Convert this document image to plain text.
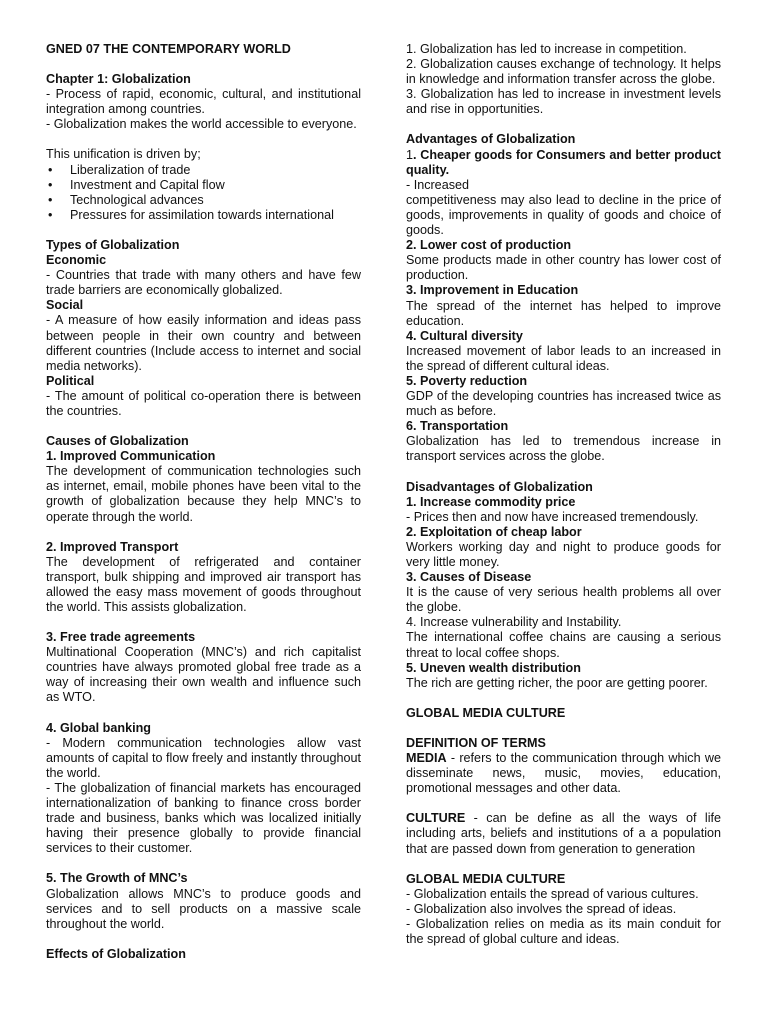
GNED 07 THE CONTEMPORARY WORLD

Chapter 1: Globalization

- Process of rapid, economic, cultural, and institutional integration among countries.

- Globalization makes the world accessible to everyone.

This unification is driven by;

• Liberalization of trade
• Investment and Capital flow
• Technological advances
• Pressures for assimilation towards international

Types of Globalization

Economic

- Countries that trade with many others and have few trade barriers are economically globalized.

Social

- A measure of how easily information and ideas pass between people in their own country and between different countries (Include access to internet and social media networks).

Political

- The amount of political co-operation there is between the countries.

Causes of Globalization

1. Improved Communication

The development of communication technologies such as internet, email, mobile phones have been vital to the growth of globalization because they help MNC’s to operate through the world.

2. Improved Transport

The development of refrigerated and container transport, bulk shipping and improved air transport has allowed the easy mass movement of goods throughout the world. This assists globalization.

3. Free trade agreements

Multinational Cooperation (MNC’s) and rich capitalist countries have always promoted global free trade as a way of increasing their own wealth and influence such as WTO.

4. Global banking

- Modern communication technologies allow vast amounts of capital to flow freely and instantly throughout the world.

- The globalization of financial markets has encouraged internationalization of banking to finance cross border trade and business, banks which was localized initially having their presence globally to provide financial services to their customer.

5. The Growth of MNC’s

Globalization allows MNC’s to produce goods and services and to sell products on a massive scale throughout the world.

Effects of Globalization

1. Globalization has led to increase in competition.

2. Globalization causes exchange of technology. It helps in knowledge and information transfer across the globe.

3. Globalization has led to increase in investment levels and rise in opportunities.

Advantages of Globalization

1. Cheaper goods for Consumers and better product quality.

- Increased

competitiveness may also lead to decline in the price of goods, improvements in quality of goods and choice of goods.

2. Lower cost of production

Some products made in other country has lower cost of production.

3. Improvement in Education

The spread of the internet has helped to improve education.

4. Cultural diversity

Increased movement of labor leads to an increased in the spread of different cultural ideas.

5. Poverty reduction

GDP of the developing countries has increased twice as much as before.

6. Transportation

Globalization has led to tremendous increase in transport services across the globe.

Disadvantages of Globalization

1. Increase commodity price

- Prices then and now have increased tremendously.

2. Exploitation of cheap labor

Workers working day and night to produce goods for very little money.

3. Causes of Disease

It is the cause of very serious health problems all over the globe.

4. Increase vulnerability and Instability.

The international coffee chains are causing a serious threat to local coffee shops.

5. Uneven wealth distribution

The rich are getting richer, the poor are getting poorer.

GLOBAL MEDIA CULTURE

DEFINITION OF TERMS

MEDIA - refers to the communication through which we disseminate news, music, movies, education, promotional messages and other data.

CULTURE - can be define as all the ways of life including arts, beliefs and institutions of a a population that are passed down from generation to generation

GLOBAL MEDIA CULTURE

- Globalization entails the spread of various cultures.

- Globalization also involves the spread of ideas.

- Globalization relies on media as its main conduit for the spread of global culture and ideas.
